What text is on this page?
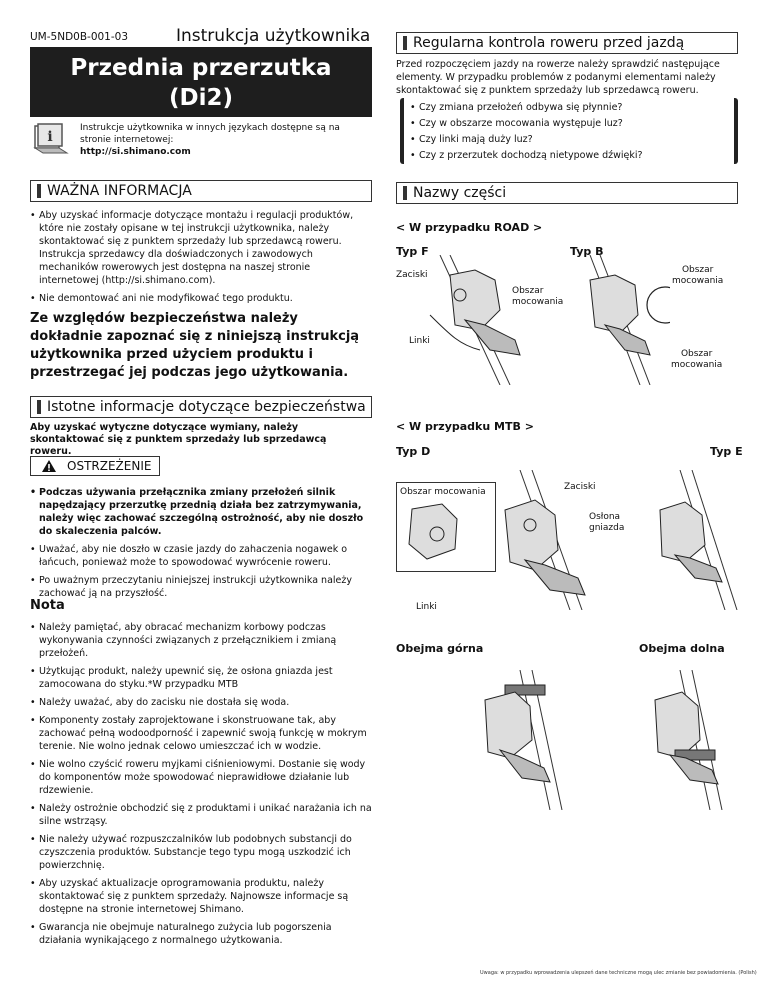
UM-5ND0B-001-03	Instrukcja użytkownika
Przednia przerzutka
(Di2)
i
Instrukcje użytkownika w innych językach dostępne są na
stronie internetowej:
http://si.shimano.com
WAŻNA INFORMACJA
• Aby uzyskać informacje dotyczące montażu i regulacji produktów, które nie zostały opisane w tej instrukcji użytkownika, należy skontaktować się z punktem sprzedaży lub sprzedawcą roweru. Instrukcja sprzedawcy dla doświadczonych i zawodowych mechaników rowerowych jest dostępna na naszej stronie internetowej (http://si.shimano.com).
• Nie demontować ani nie modyfikować tego produktu.
Ze względów bezpieczeństwa należy dokładnie zapoznać się z niniejszą instrukcją użytkownika przed użyciem produktu i przestrzegać jej podczas jego użytkowania.
Istotne informacje dotyczące bezpieczeństwa
Aby uzyskać wytyczne dotyczące wymiany, należy skontaktować się z punktem sprzedaży lub sprzedawcą roweru.
OSTRZEŻENIE
• Podczas używania przełącznika zmiany przełożeń silnik napędzający przerzutkę przednią działa bez zatrzymywania, należy więc zachować szczególną ostrożność, aby nie doszło do skaleczenia palców.
• Uważać, aby nie doszło w czasie jazdy do zahaczenia nogawek o łańcuch, ponieważ może to spowodować wywrócenie roweru.
• Po uważnym przeczytaniu niniejszej instrukcji użytkownika należy zachować ją na przyszłość.
Nota
• Należy pamiętać, aby obracać mechanizm korbowy podczas wykonywania czynności związanych z przełącznikiem i zmianą przełożeń.
• Użytkując produkt, należy upewnić się, że osłona gniazda jest zamocowana do styku.*W przypadku MTB
• Należy uważać, aby do zacisku nie dostała się woda.
• Komponenty zostały zaprojektowane i skonstruowane tak, aby zachować pełną wodoodporność i zapewnić swoją funkcję w mokrym terenie. Nie wolno jednak celowo umieszczać ich w wodzie.
• Nie wolno czyścić roweru myjkami ciśnieniowymi. Dostanie się wody do komponentów może spowodować nieprawidłowe działanie lub rdzewienie.
• Należy ostrożnie obchodzić się z produktami i unikać narażania ich na silne wstrząsy.
• Nie należy używać rozpuszczalników lub podobnych substancji do czyszczenia produktów. Substancje tego typu mogą uszkodzić ich powierzchnię.
• Aby uzyskać aktualizacje oprogramowania produktu, należy skontaktować się z punktem sprzedaży. Najnowsze informacje są dostępne na stronie internetowej Shimano.
• Gwarancja nie obejmuje naturalnego zużycia lub pogorszenia działania wynikającego z normalnego użytkowania.
Regularna kontrola roweru przed jazdą
Przed rozpoczęciem jazdy na rowerze należy sprawdzić następujące elementy. W przypadku problemów z podanymi elementami należy skontaktować się z punktem sprzedaży lub sprzedawcą roweru.
• Czy zmiana przełożeń odbywa się płynnie?
• Czy w obszarze mocowania występuje luz?
• Czy linki mają duży luz?
• Czy z przerzutek dochodzą nietypowe dźwięki?
Nazwy części
< W przypadku ROAD >
Typ F	Typ B
Zaciski
Obszar
mocowania
Obszar
mocowania
Linki
Obszar
mocowania
< W przypadku MTB >
Typ D	Typ E
Obszar mocowania	Zaciski
Osłona
gniazda
Linki
Obejma górna	Obejma dolna
Uwaga: w przypadku wprowadzenia ulepszeń dane techniczne mogą ulec zmianie bez powiadomienia. (Polish)
